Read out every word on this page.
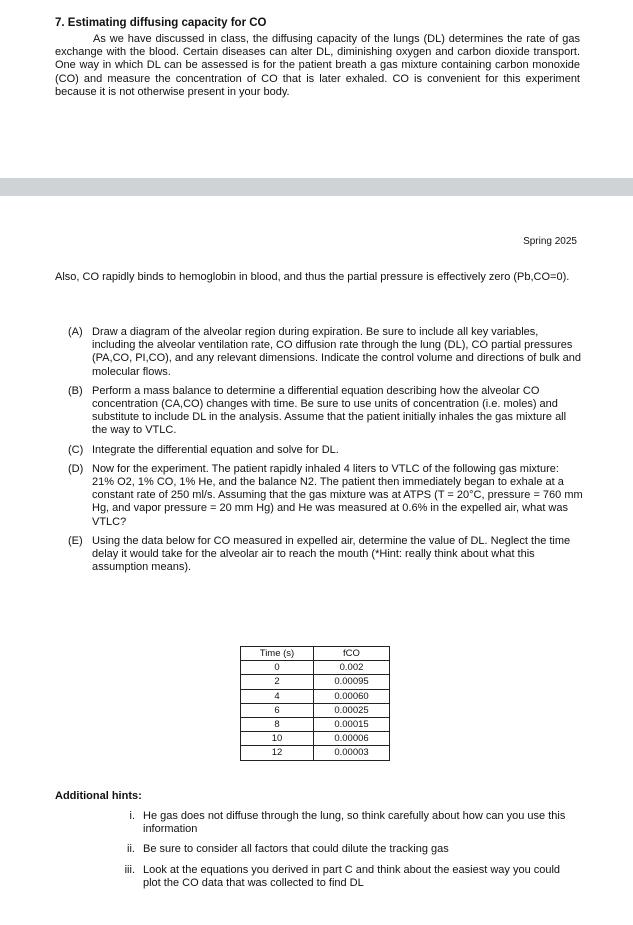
7. Estimating diffusing capacity for CO
As we have discussed in class, the diffusing capacity of the lungs (DL) determines the rate of gas exchange with the blood. Certain diseases can alter DL, diminishing oxygen and carbon dioxide transport. One way in which DL can be assessed is for the patient breath a gas mixture containing carbon monoxide (CO) and measure the concentration of CO that is later exhaled. CO is convenient for this experiment because it is not otherwise present in your body.
Spring 2025
Also, CO rapidly binds to hemoglobin in blood, and thus the partial pressure is effectively zero (Pb,CO=0).
(A) Draw a diagram of the alveolar region during expiration. Be sure to include all key variables, including the alveolar ventilation rate, CO diffusion rate through the lung (DL), CO partial pressures (PA,CO, PI,CO), and any relevant dimensions. Indicate the control volume and directions of bulk and molecular flows.
(B) Perform a mass balance to determine a differential equation describing how the alveolar CO concentration (CA,CO) changes with time. Be sure to use units of concentration (i.e. moles) and substitute to include DL in the analysis. Assume that the patient initially inhales the gas mixture all the way to VTLC.
(C) Integrate the differential equation and solve for DL.
(D) Now for the experiment. The patient rapidly inhaled 4 liters to VTLC of the following gas mixture: 21% O2, 1% CO, 1% He, and the balance N2. The patient then immediately began to exhale at a constant rate of 250 ml/s. Assuming that the gas mixture was at ATPS (T = 20°C, pressure = 760 mm Hg, and vapor pressure = 20 mm Hg) and He was measured at 0.6% in the expelled air, what was VTLC?
(E) Using the data below for CO measured in expelled air, determine the value of DL. Neglect the time delay it would take for the alveolar air to reach the mouth (*Hint: really think about what this assumption means).
Time (s)	fCO
0	0.002
2	0.00095
4	0.00060
6	0.00025
8	0.00015
10	0.00006
12	0.00003
Additional hints:
i. He gas does not diffuse through the lung, so think carefully about how can you use this information
ii. Be sure to consider all factors that could dilute the tracking gas
iii. Look at the equations you derived in part C and think about the easiest way you could plot the CO data that was collected to find DL
